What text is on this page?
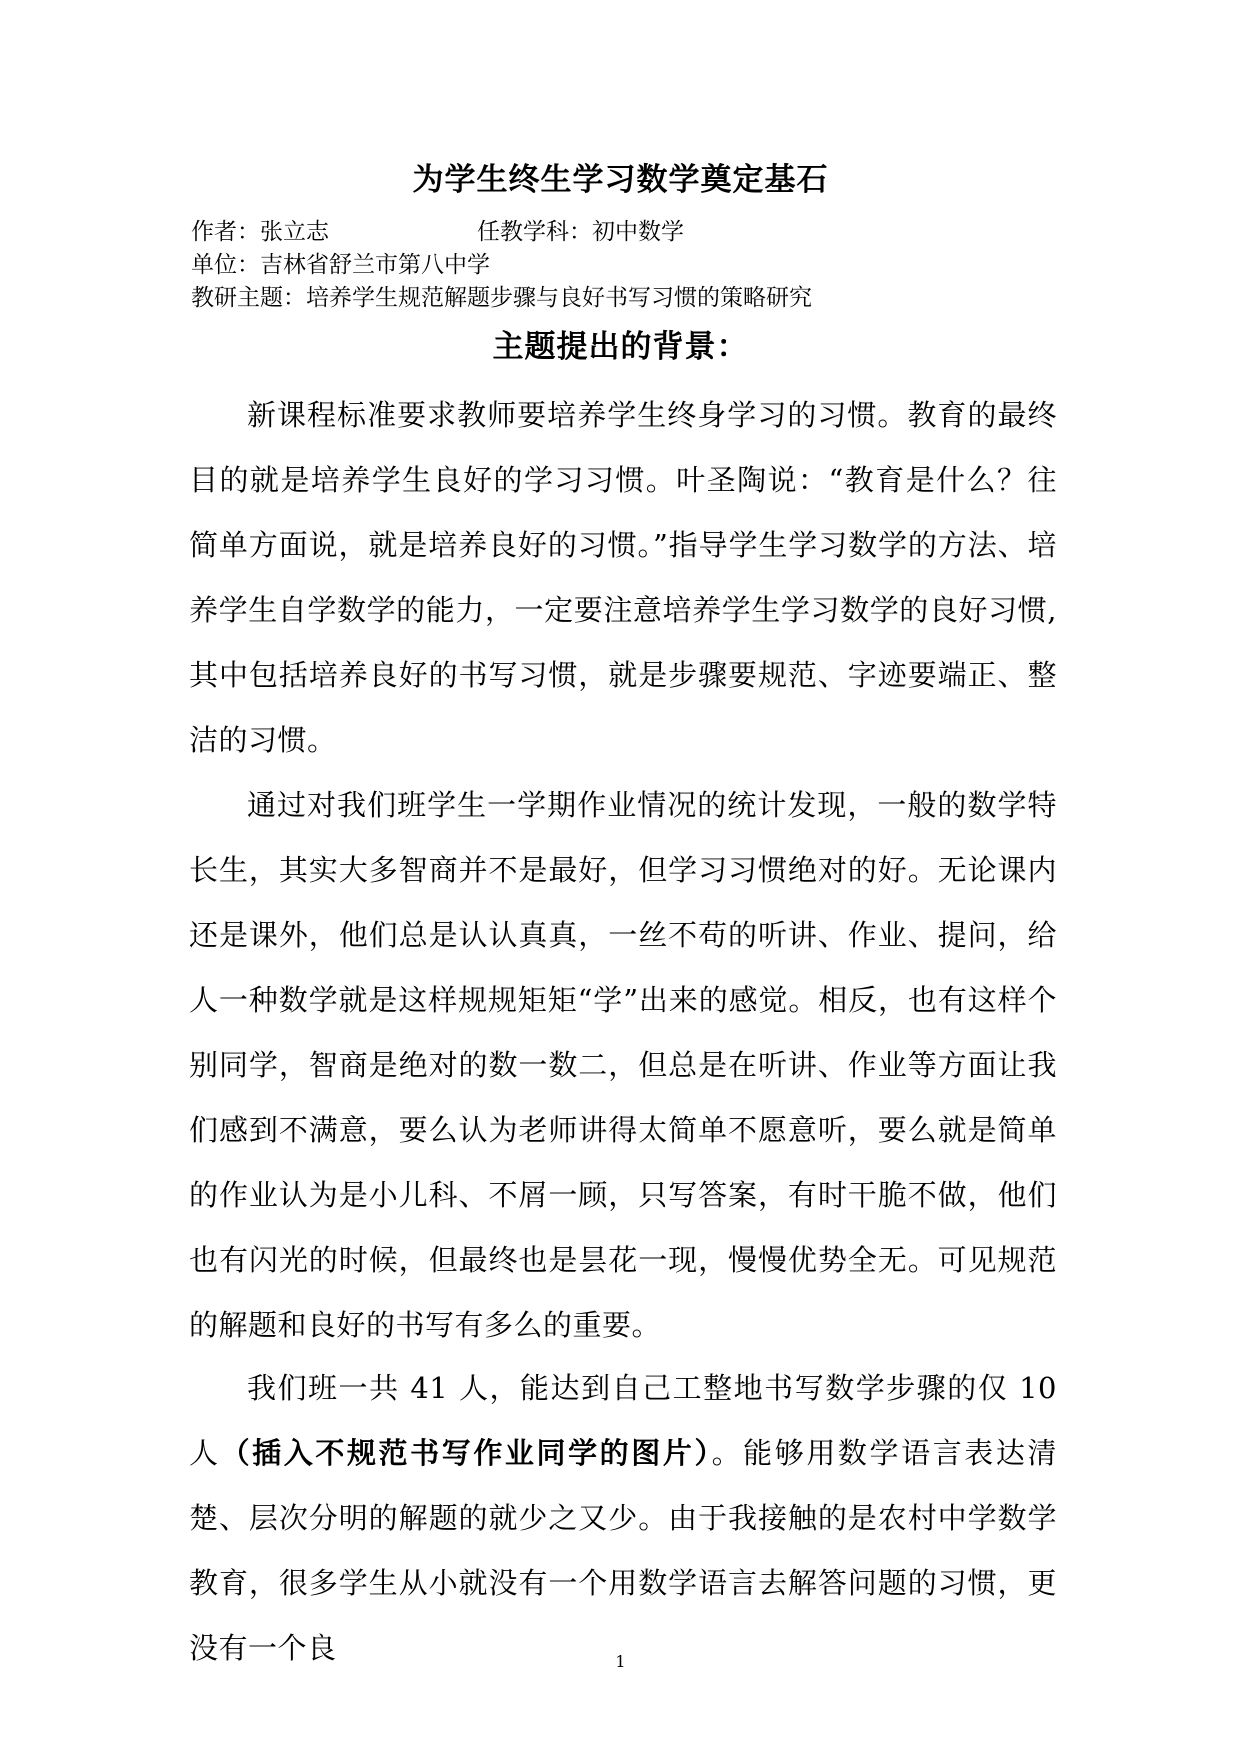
为学生终生学习数学奠定基石
作者：张立志	任教学科：初中数学
单位：吉林省舒兰市第八中学
教研主题：培养学生规范解题步骤与良好书写习惯的策略研究
主题提出的背景：

新课程标准要求教师要培养学生终身学习的习惯。教育的最终目的就是培养学生良好的学习习惯。叶圣陶说：“教育是什么？往简单方面说，就是培养良好的习惯。”指导学生学习数学的方法、培养学生自学数学的能力，一定要注意培养学生学习数学的良好习惯,其中包括培养良好的书写习惯，就是步骤要规范、字迹要端正、整洁的习惯。

通过对我们班学生一学期作业情况的统计发现，一般的数学特长生，其实大多智商并不是最好，但学习习惯绝对的好。无论课内还是课外，他们总是认认真真，一丝不苟的听讲、作业、提问，给人一种数学就是这样规规矩矩“学”出来的感觉。相反，也有这样个别同学，智商是绝对的数一数二，但总是在听讲、作业等方面让我们感到不满意，要么认为老师讲得太简单不愿意听，要么就是简单的作业认为是小儿科、不屑一顾，只写答案，有时干脆不做，他们也有闪光的时候，但最终也是昙花一现，慢慢优势全无。可见规范的解题和良好的书写有多么的重要。

我们班一共 41 人，能达到自己工整地书写数学步骤的仅 10 人（插入不规范书写作业同学的图片）。能够用数学语言表达清楚、层次分明的解题的就少之又少。由于我接触的是农村中学数学教育，很多学生从小就没有一个用数学语言去解答问题的习惯，更没有一个良	1
